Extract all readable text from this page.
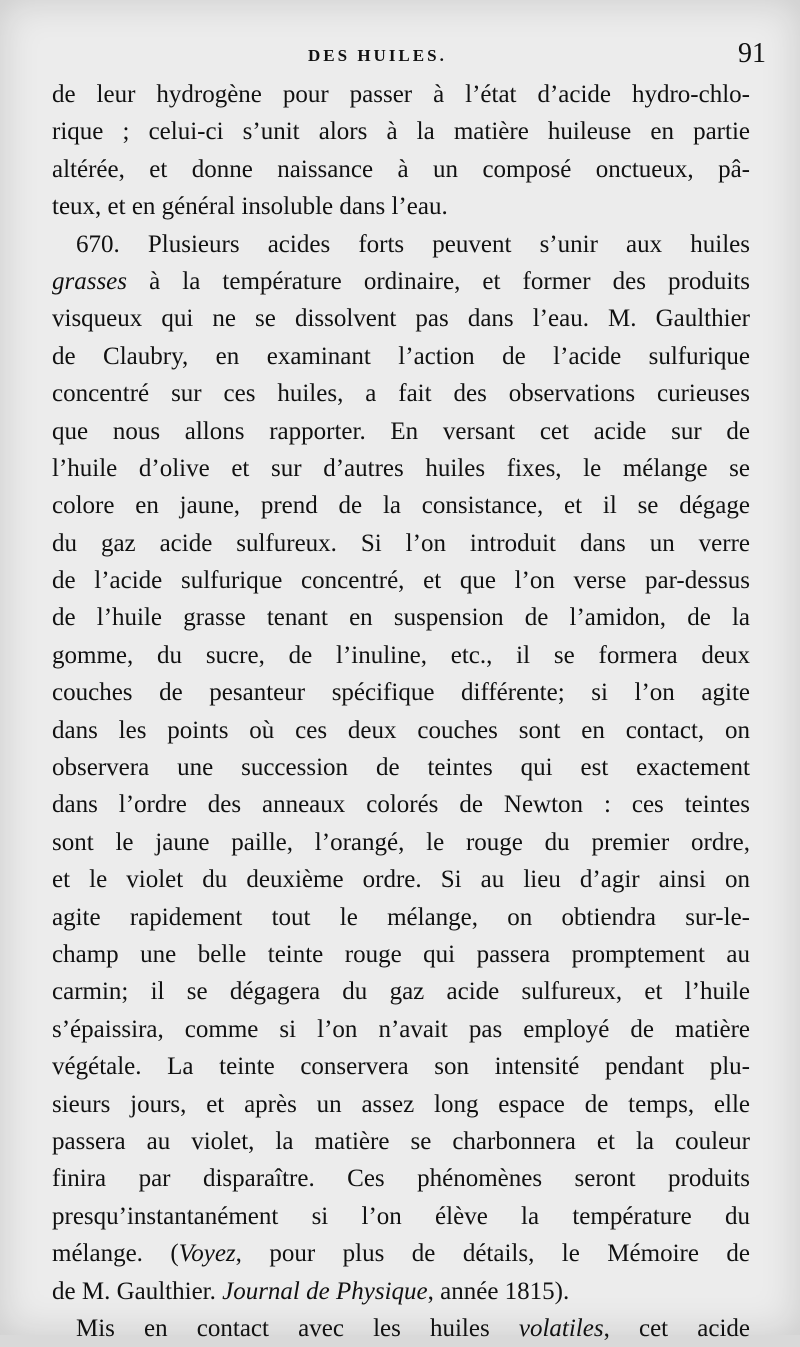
DES HUILES.	91
de leur hydrogène pour passer à l’état d’acide hydro-chlo-
rique ; celui-ci s’unit alors à la matière huileuse en partie
altérée, et donne naissance à un composé onctueux, pâ-
teux, et en général insoluble dans l’eau.
670. Plusieurs acides forts peuvent s’unir aux huiles
grasses à la température ordinaire, et former des produits
visqueux qui ne se dissolvent pas dans l’eau. M. Gaulthier
de Claubry, en examinant l’action de l’acide sulfurique
concentré sur ces huiles, a fait des observations curieuses
que nous allons rapporter. En versant cet acide sur de
l’huile d’olive et sur d’autres huiles fixes, le mélange se
colore en jaune, prend de la consistance, et il se dégage
du gaz acide sulfureux. Si l’on introduit dans un verre
de l’acide sulfurique concentré, et que l’on verse par-dessus
de l’huile grasse tenant en suspension de l’amidon, de la
gomme, du sucre, de l’inuline, etc., il se formera deux
couches de pesanteur spécifique différente; si l’on agite
dans les points où ces deux couches sont en contact, on
observera une succession de teintes qui est exactement
dans l’ordre des anneaux colorés de Newton : ces teintes
sont le jaune paille, l’orangé, le rouge du premier ordre,
et le violet du deuxième ordre. Si au lieu d’agir ainsi on
agite rapidement tout le mélange, on obtiendra sur-le-
champ une belle teinte rouge qui passera promptement au
carmin; il se dégagera du gaz acide sulfureux, et l’huile
s’épaissira, comme si l’on n’avait pas employé de matière
végétale. La teinte conservera son intensité pendant plu-
sieurs jours, et après un assez long espace de temps, elle
passera au violet, la matière se charbonnera et la couleur
finira par disparaître. Ces phénomènes seront produits
presqu’instantanément si l’on élève la température du
mélange. (Voyez, pour plus de détails, le Mémoire de
de M. Gaulthier. Journal de Physique, année 1815).
Mis en contact avec les huiles volatiles, cet acide
